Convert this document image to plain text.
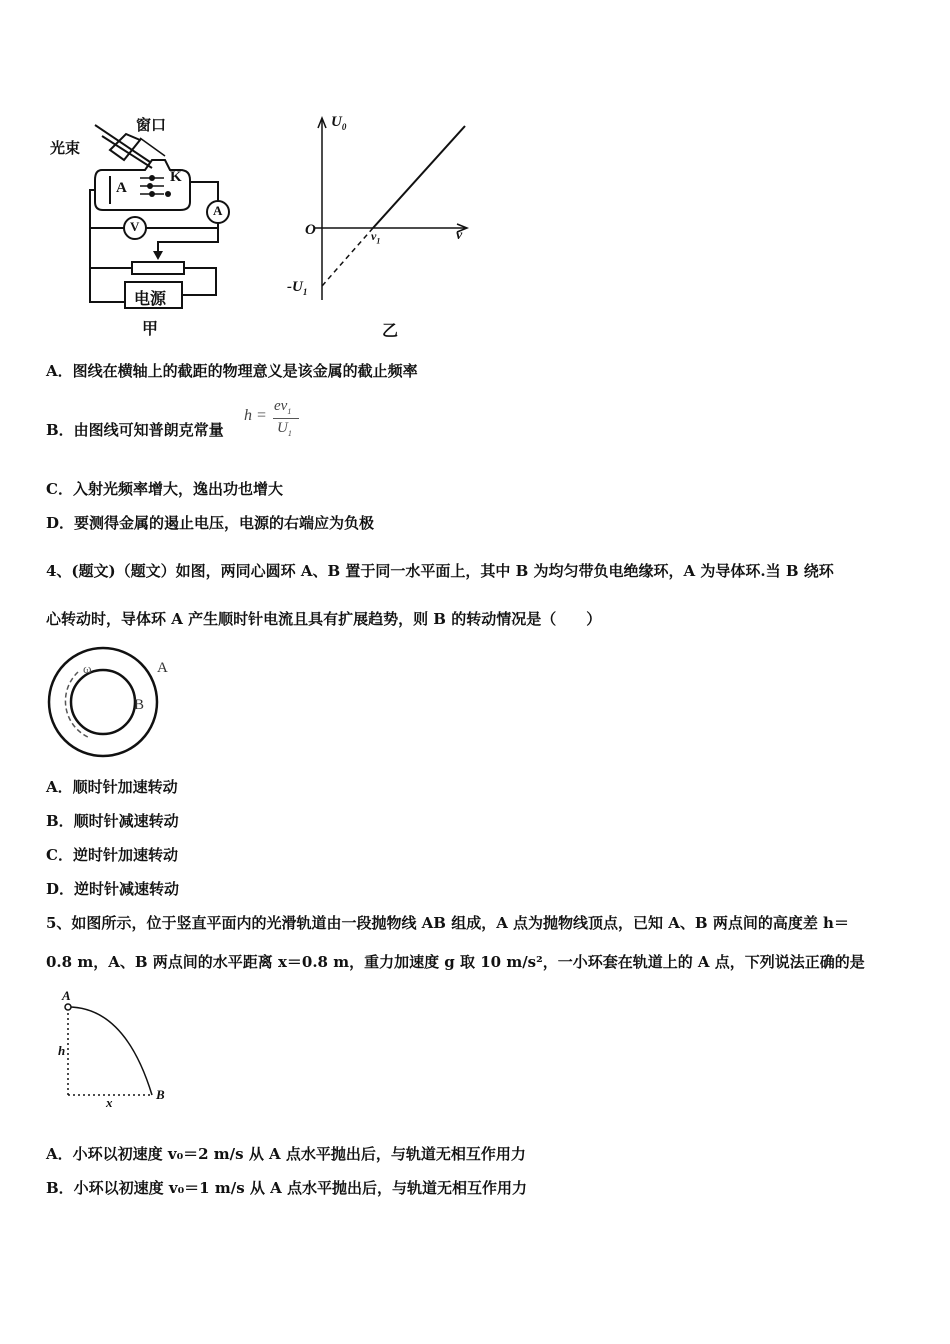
窗口
光束
A
K
A
V
电源
甲
$U_0$
O	ν
$\nu_1$
$-U_1$
乙
A．图线在横轴上的截距的物理意义是该金属的截止频率
B．由图线可知普朗克常量
h =
$e\nu_1$
$U_1$
C．入射光频率增大，逸出功也增大
D．要测得金属的遏止电压，电源的右端应为负极
4、(题文)（题文）如图，两同心圆环 A、B 置于同一水平面上，其中 B 为均匀带负电绝缘环，A 为导体环.当 B 绕环
心转动时，导体环 A 产生顺时针电流且具有扩展趋势，则 B 的转动情况是（　　）
A
B
ω
A．顺时针加速转动
B．顺时针减速转动
C．逆时针加速转动
D．逆时针减速转动
5、如图所示，位于竖直平面内的光滑轨道由一段抛物线 AB 组成，A 点为抛物线顶点，已知 A、B 两点间的高度差 h＝
0.8 m，A、B 两点间的水平距离 x＝0.8 m，重力加速度 g 取 10 m/s²，一小环套在轨道上的 A 点，下列说法正确的是
A
B
h
x
A．小环以初速度 v₀＝2 m/s 从 A 点水平抛出后，与轨道无相互作用力
B．小环以初速度 v₀＝1 m/s 从 A 点水平抛出后，与轨道无相互作用力
